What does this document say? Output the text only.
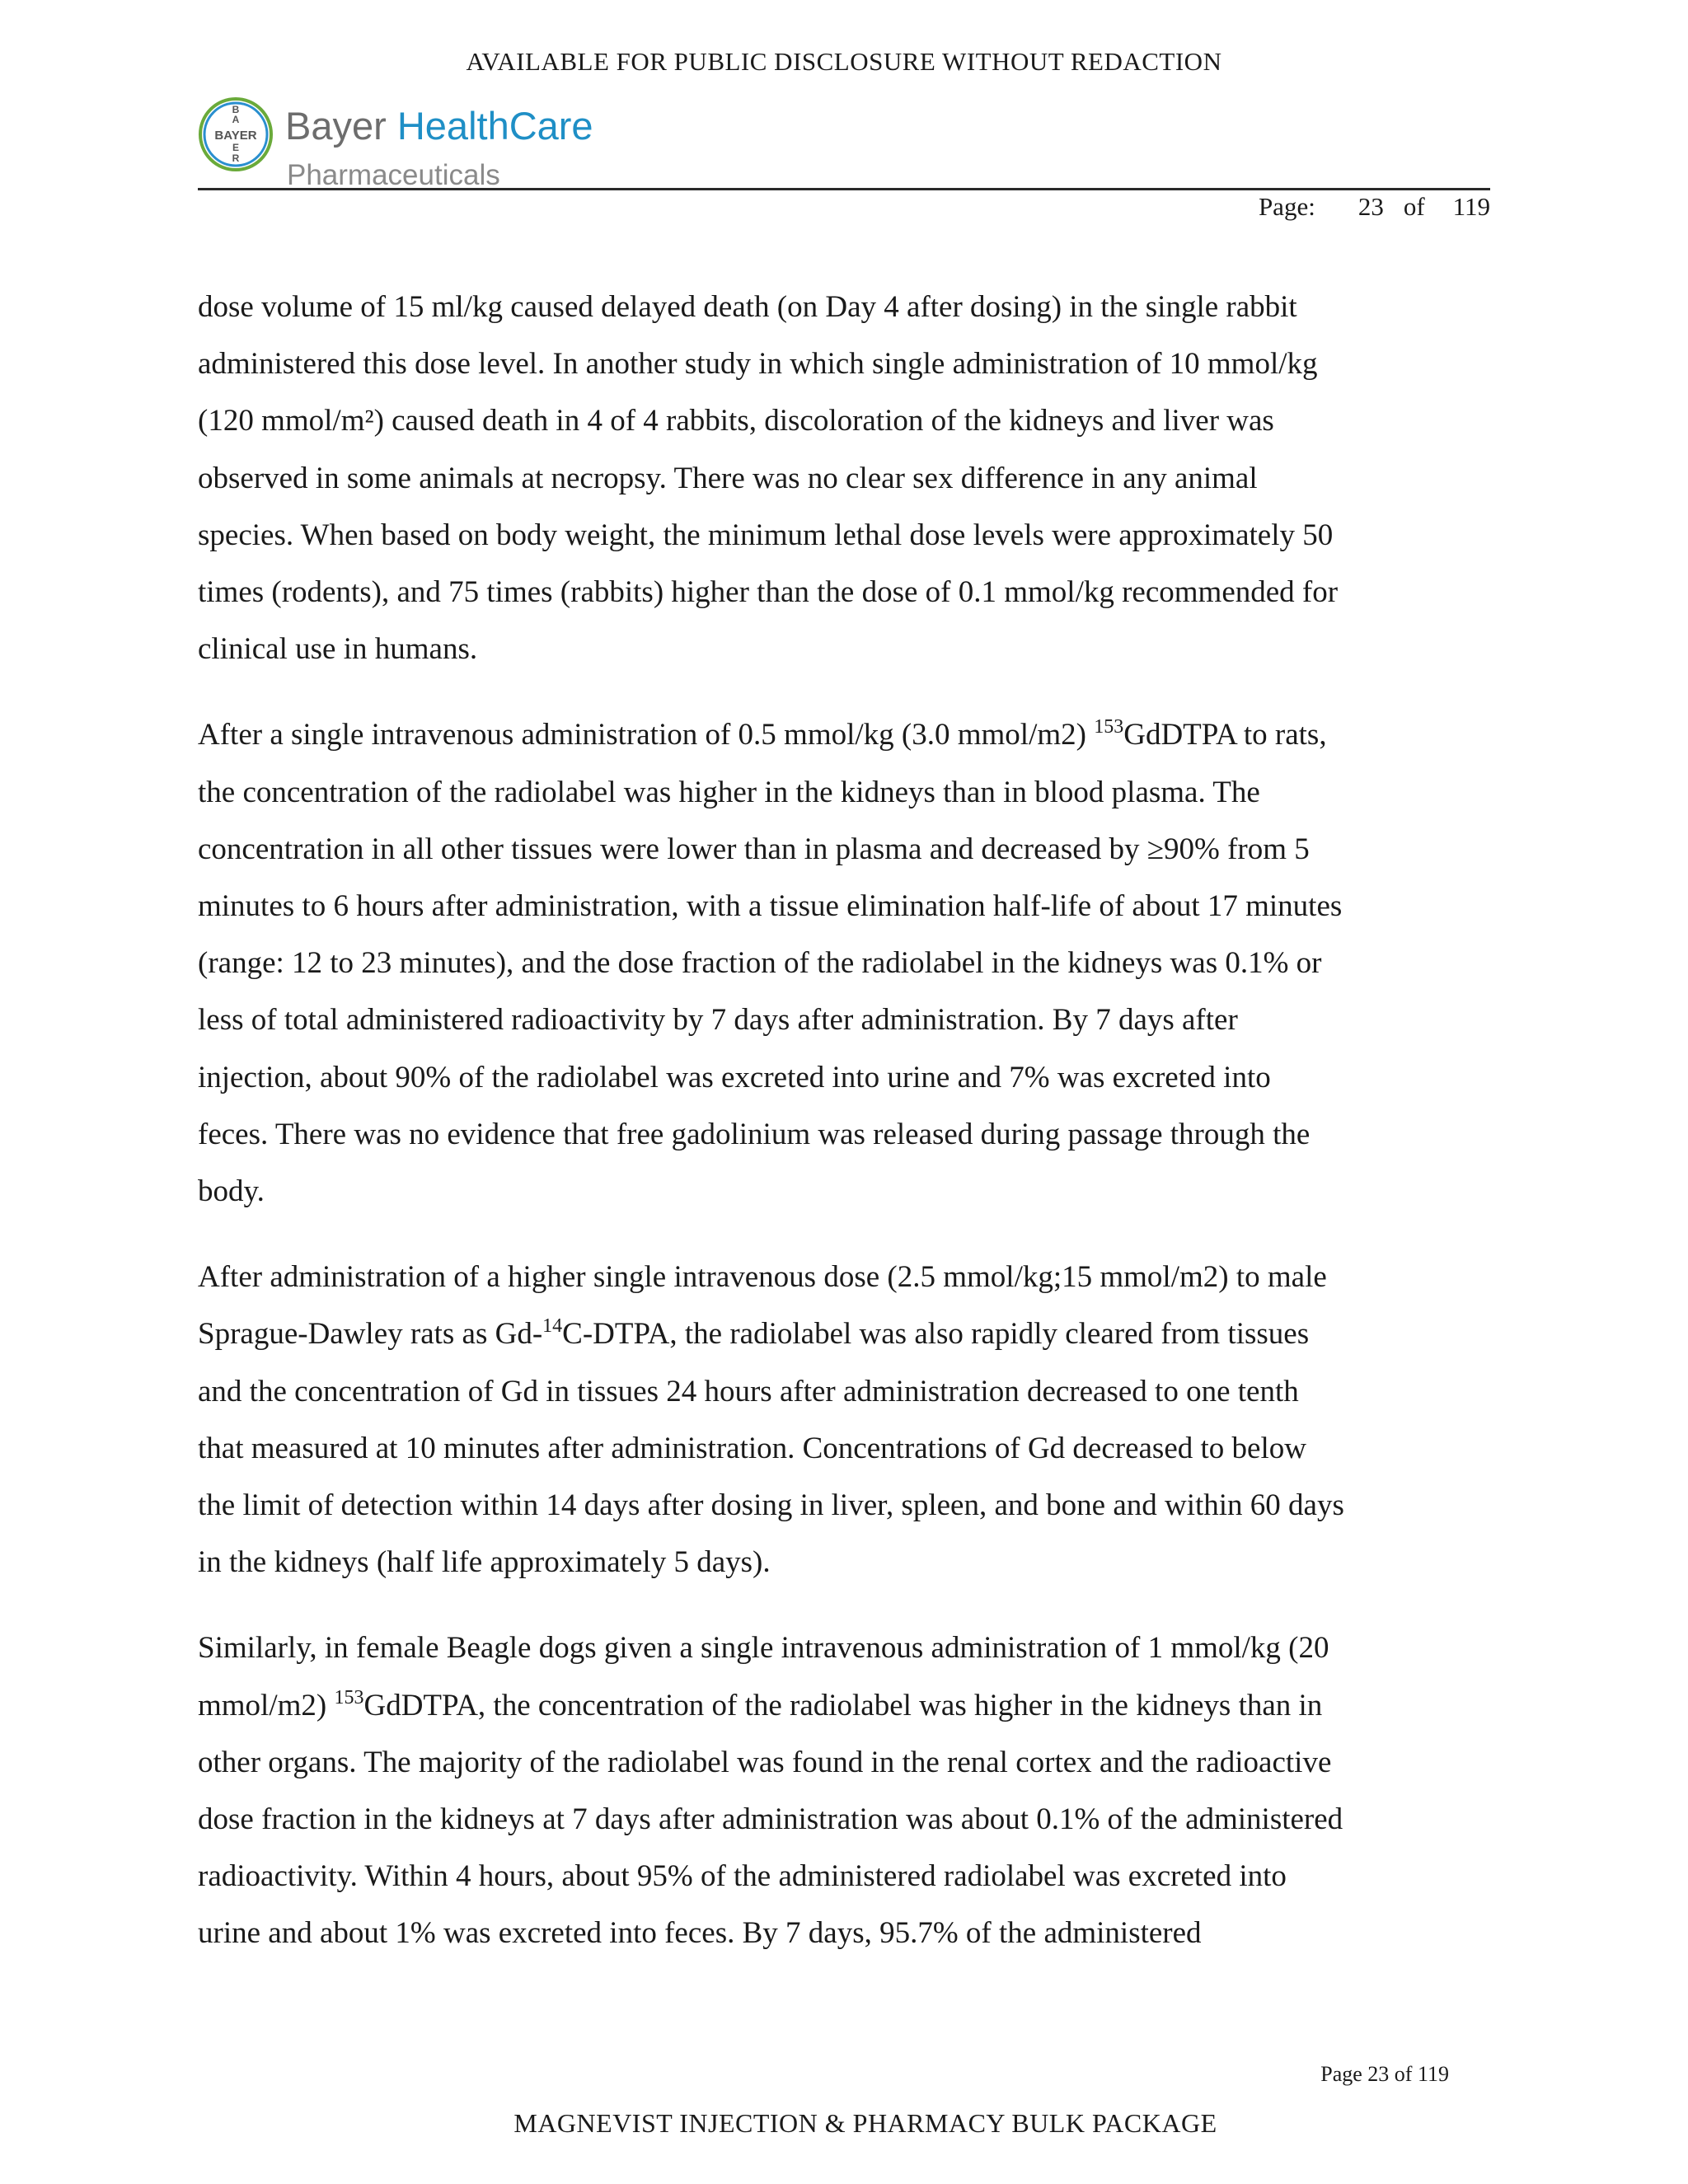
AVAILABLE FOR PUBLIC DISCLOSURE WITHOUT REDACTION
BAYER
B
A
E
R
Bayer HealthCare
Pharmaceuticals
Page: 23 of 119
dose volume of 15 ml/kg caused delayed death (on Day 4 after dosing) in the single rabbit
administered this dose level. In another study in which single administration of 10 mmol/kg
(120 mmol/m²) caused death in 4 of 4 rabbits, discoloration of the kidneys and liver was
observed in some animals at necropsy. There was no clear sex difference in any animal
species. When based on body weight, the minimum lethal dose levels were approximately 50
times (rodents), and 75 times (rabbits) higher than the dose of 0.1 mmol/kg recommended for
clinical use in humans.
After a single intravenous administration of 0.5 mmol/kg (3.0 mmol/m2) $^{153}$GdDTPA to rats,
the concentration of the radiolabel was higher in the kidneys than in blood plasma. The
concentration in all other tissues were lower than in plasma and decreased by ≥90% from 5
minutes to 6 hours after administration, with a tissue elimination half-life of about 17 minutes
(range: 12 to 23 minutes), and the dose fraction of the radiolabel in the kidneys was 0.1% or
less of total administered radioactivity by 7 days after administration. By 7 days after
injection, about 90% of the radiolabel was excreted into urine and 7% was excreted into
feces. There was no evidence that free gadolinium was released during passage through the
body.
After administration of a higher single intravenous dose (2.5 mmol/kg;15 mmol/m2) to male
Sprague-Dawley rats as Gd-$^{14}$C-DTPA, the radiolabel was also rapidly cleared from tissues
and the concentration of Gd in tissues 24 hours after administration decreased to one tenth
that measured at 10 minutes after administration. Concentrations of Gd decreased to below
the limit of detection within 14 days after dosing in liver, spleen, and bone and within 60 days
in the kidneys (half life approximately 5 days).
Similarly, in female Beagle dogs given a single intravenous administration of 1 mmol/kg (20
mmol/m2) $^{153}$GdDTPA, the concentration of the radiolabel was higher in the kidneys than in
other organs. The majority of the radiolabel was found in the renal cortex and the radioactive
dose fraction in the kidneys at 7 days after administration was about 0.1% of the administered
radioactivity. Within 4 hours, about 95% of the administered radiolabel was excreted into
urine and about 1% was excreted into feces. By 7 days, 95.7% of the administered
Page 23 of 119
MAGNEVIST INJECTION & PHARMACY BULK PACKAGE
